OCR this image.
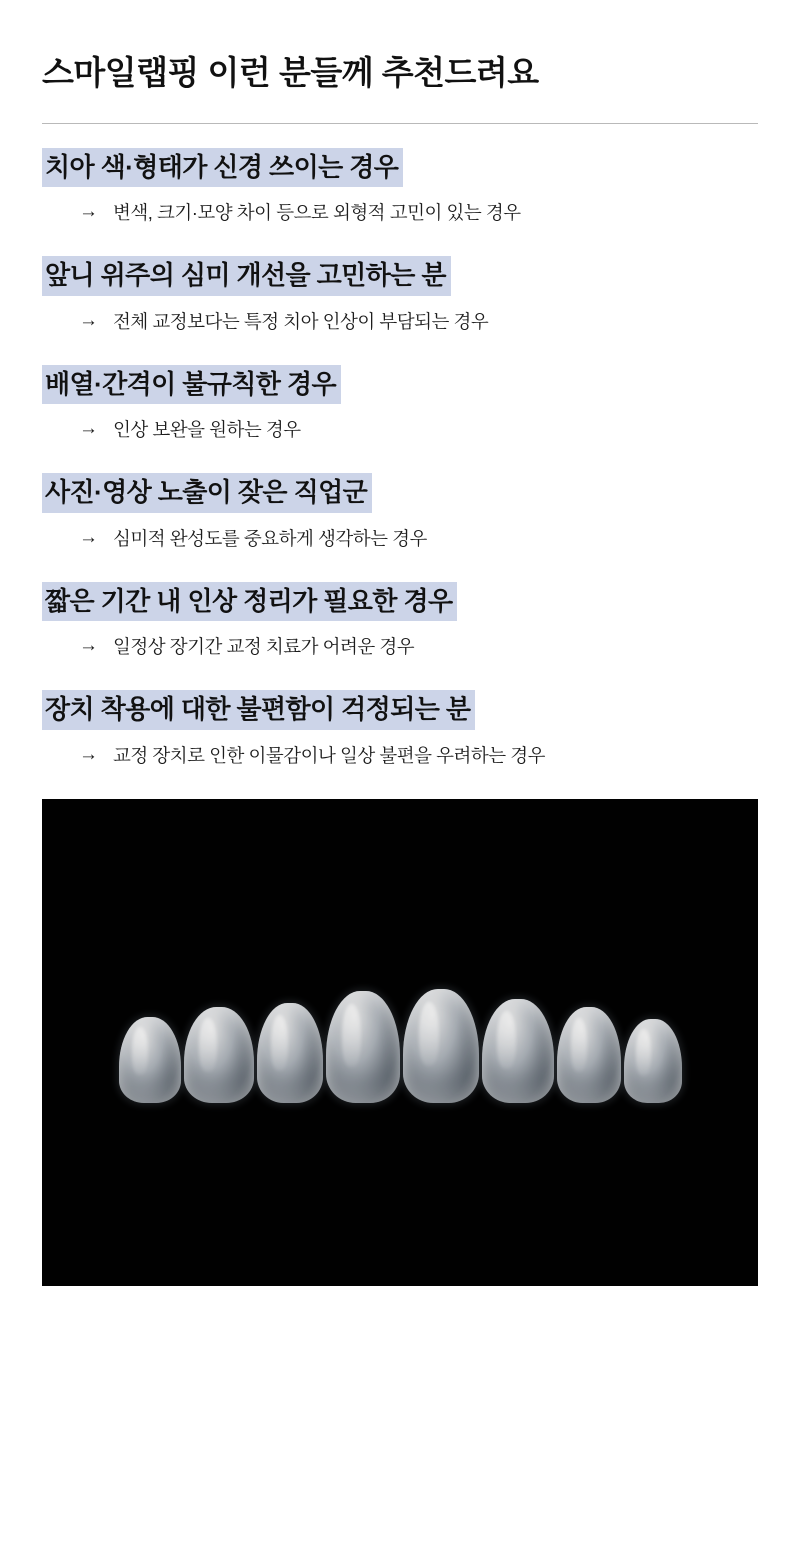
스마일랩핑 이런 분들께 추천드려요
치아 색·형태가 신경 쓰이는 경우
→ 변색, 크기·모양 차이 등으로 외형적 고민이 있는 경우
앞니 위주의 심미 개선을 고민하는 분
→ 전체 교정보다는 특정 치아 인상이 부담되는 경우
배열·간격이 불규칙한 경우
→ 인상 보완을 원하는 경우
사진·영상 노출이 잦은 직업군
→ 심미적 완성도를 중요하게 생각하는 경우
짧은 기간 내 인상 정리가 필요한 경우
→ 일정상 장기간 교정 치료가 어려운 경우
장치 착용에 대한 불편함이 걱정되는 분
→ 교정 장치로 인한 이물감이나 일상 불편을 우려하는 경우
